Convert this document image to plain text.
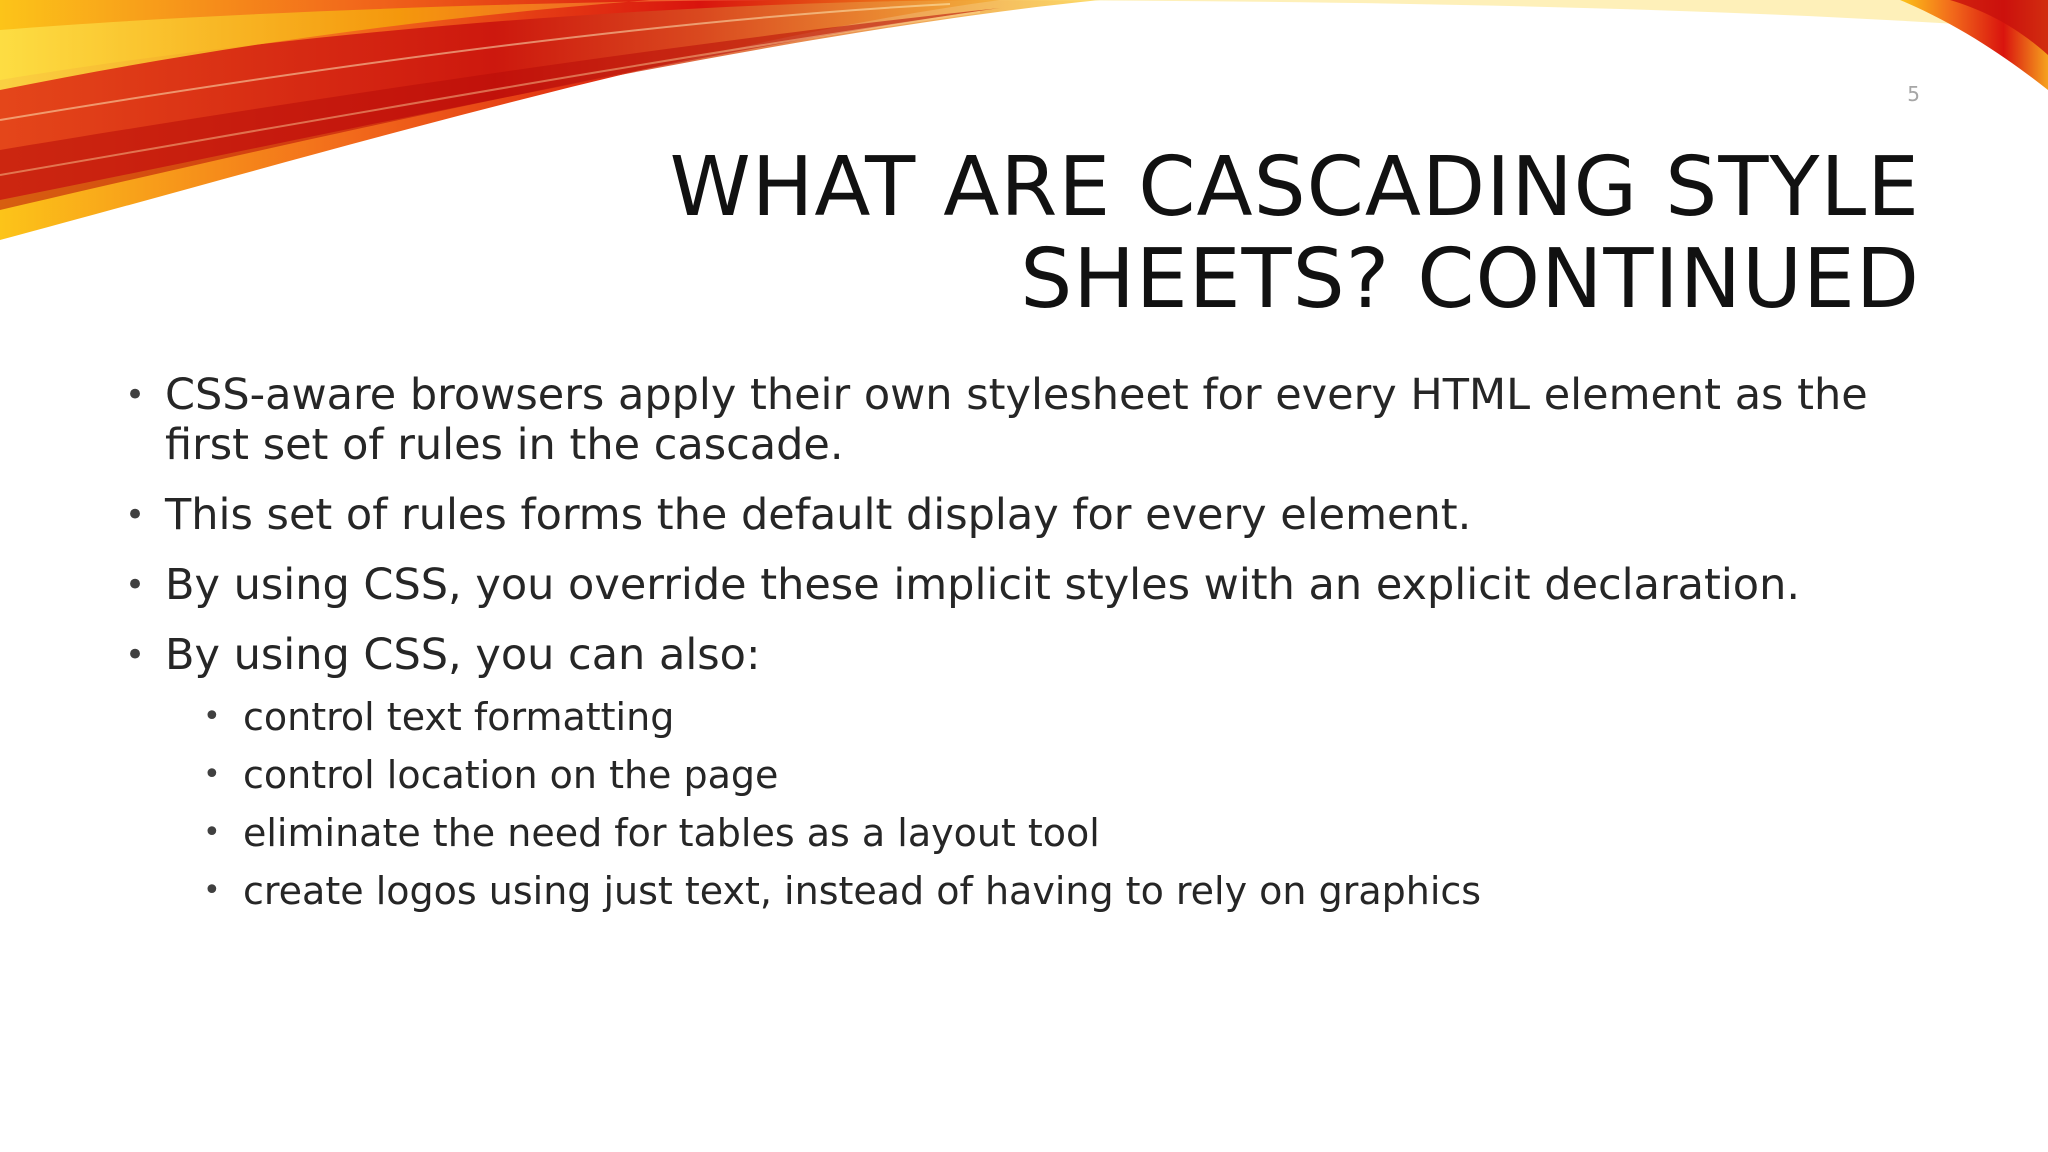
5
WHAT ARE CASCADING STYLE
SHEETS? CONTINUED
• CSS-aware browsers apply their own stylesheet for every HTML element as the first set of rules in the cascade.
• This set of rules forms the default display for every element.
• By using CSS, you override these implicit styles with an explicit declaration.
• By using CSS, you can also:
• control text formatting
• control location on the page
• eliminate the need for tables as a layout tool
• create logos using just text, instead of having to rely on graphics
